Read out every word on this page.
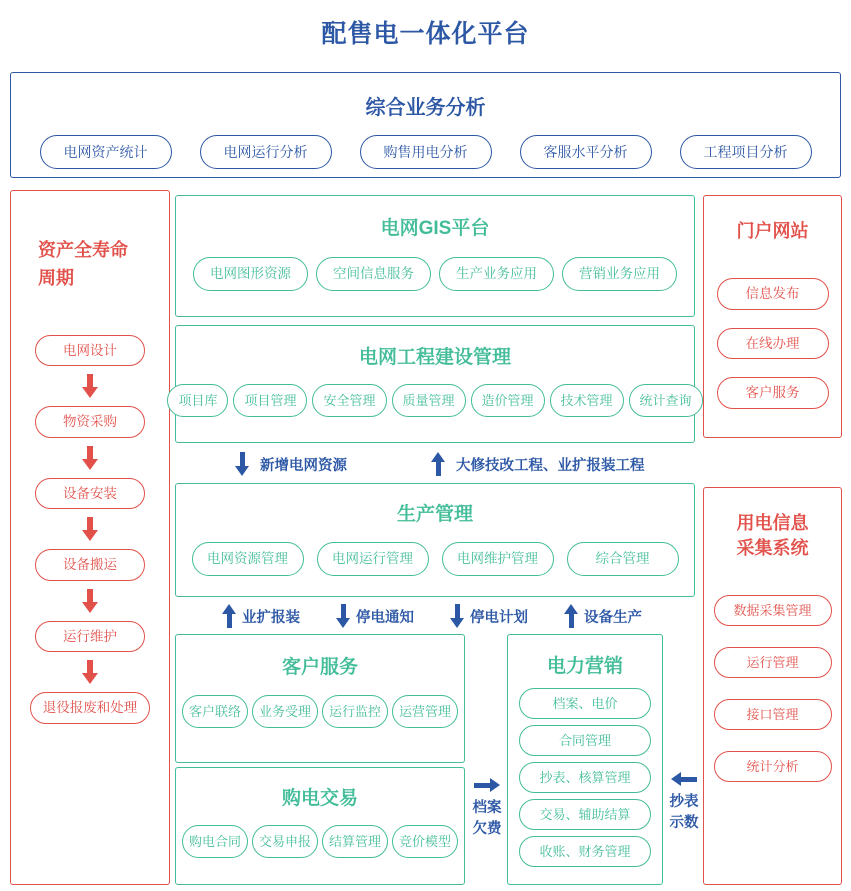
配售电一体化平台
综合业务分析
电网资产统计	电网运行分析	购售用电分析	客服水平分析	工程项目分析
资产全寿命
周期
电网设计
物资采购
设备安装
设备搬运
运行维护
退役报废和处理
电网GIS平台
电网图形资源	空间信息服务	生产业务应用	营销业务应用
电网工程建设管理
项目库	项目管理	安全管理	质量管理	造价管理	技术管理	统计查询
新增电网资源	大修技改工程、业扩报装工程
生产管理
电网资源管理	电网运行管理	电网维护管理	综合管理
业扩报装	停电通知	停电计划	设备生产
客户服务
客户联络	业务受理	运行监控	运营管理
购电交易
购电合同	交易申报	结算管理	竞价模型
档案
欠费
电力营销
档案、电价
合同管理
抄表、核算管理
交易、辅助结算
收账、财务管理
抄表
示数
门户网站
信息发布
在线办理
客户服务
用电信息
采集系统
数据采集管理
运行管理
接口管理
统计分析
